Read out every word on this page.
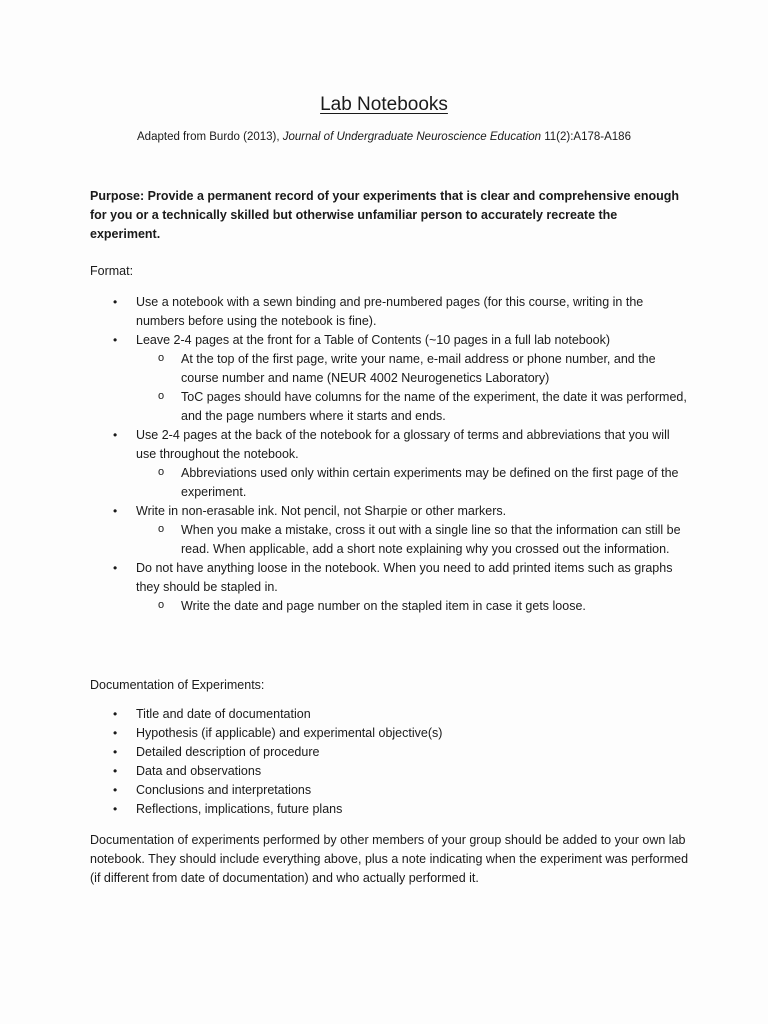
Lab Notebooks
Adapted from Burdo (2013), Journal of Undergraduate Neuroscience Education 11(2):A178-A186
Purpose: Provide a permanent record of your experiments that is clear and comprehensive enough for you or a technically skilled but otherwise unfamiliar person to accurately recreate the experiment.
Format:
• Use a notebook with a sewn binding and pre-numbered pages (for this course, writing in the numbers before using the notebook is fine).
• Leave 2-4 pages at the front for a Table of Contents (~10 pages in a full lab notebook)
o At the top of the first page, write your name, e-mail address or phone number, and the course number and name (NEUR 4002 Neurogenetics Laboratory)
o ToC pages should have columns for the name of the experiment, the date it was performed, and the page numbers where it starts and ends.
• Use 2-4 pages at the back of the notebook for a glossary of terms and abbreviations that you will use throughout the notebook.
o Abbreviations used only within certain experiments may be defined on the first page of the experiment.
• Write in non-erasable ink. Not pencil, not Sharpie or other markers.
o When you make a mistake, cross it out with a single line so that the information can still be read. When applicable, add a short note explaining why you crossed out the information.
• Do not have anything loose in the notebook. When you need to add printed items such as graphs they should be stapled in.
o Write the date and page number on the stapled item in case it gets loose.
Documentation of Experiments:
• Title and date of documentation
• Hypothesis (if applicable) and experimental objective(s)
• Detailed description of procedure
• Data and observations
• Conclusions and interpretations
• Reflections, implications, future plans
Documentation of experiments performed by other members of your group should be added to your own lab notebook. They should include everything above, plus a note indicating when the experiment was performed (if different from date of documentation) and who actually performed it.
